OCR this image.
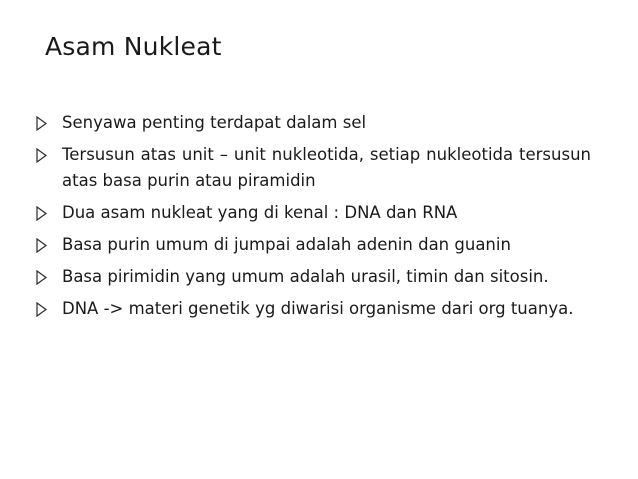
Asam Nukleat
Senyawa penting terdapat dalam sel
Tersusun atas unit – unit nukleotida, setiap nukleotida tersusun atas basa purin atau piramidin
Dua asam nukleat yang di kenal : DNA dan RNA
Basa purin umum di jumpai adalah adenin dan guanin
Basa pirimidin yang umum adalah urasil, timin dan sitosin.
DNA -> materi genetik yg diwarisi organisme dari org tuanya.
